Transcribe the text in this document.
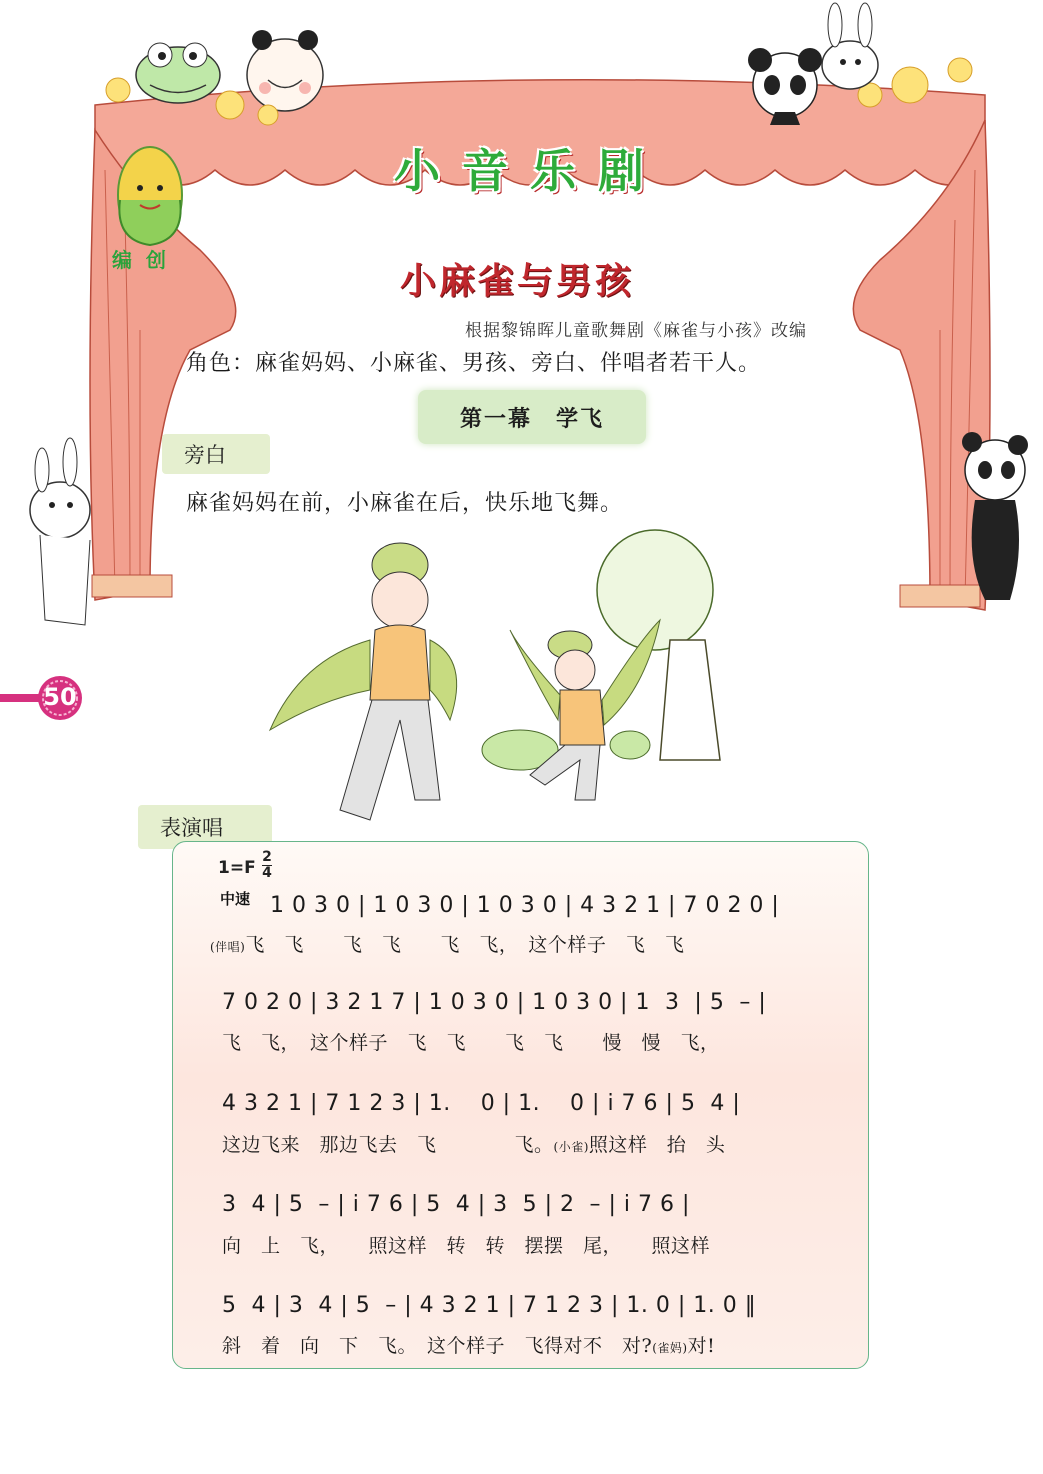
小音乐剧
编创	小麻雀与男孩
根据黎锦晖儿童歌舞剧《麻雀与小孩》改编
角色：麻雀妈妈、小麻雀、男孩、旁白、伴唱者若干人。
第一幕　学飞
旁白
麻雀妈妈在前，小麻雀在后，快乐地飞舞。
50
表演唱
1=F
2
4
中速 1 0 3 0 | 1 0 3 0 | 1 0 3 0 | 4 3 2 1 | 7 0 2 0 |
(伴唱)飞　飞　　飞　飞　　飞　飞，　这个样子　飞　飞
7 0 2 0 | 3 2 1 7 | 1 0 3 0 | 1 0 3 0 | 1  3  | 5  – |
飞　飞，　这个样子　飞　飞　　飞　飞　　慢　慢　飞，
4 3 2 1 | 7 1 2 3 | 1.    0 | 1.    0 | i 7 6 | 5  4 |
这边飞来　那边飞去　飞　　　　飞。(小雀)照这样　抬　头
3  4 | 5  – | i 7 6 | 5  4 | 3  5 | 2  – | i 7 6 |
向　上　飞，　　照这样　转　转　摆摆　尾，　　照这样
5  4 | 3  4 | 5  – | 4 3 2 1 | 7 1 2 3 | 1. 0 | 1. 0 ‖
斜　着　向　下　飞。　这个样子　飞得对不　对?(雀妈)对!
